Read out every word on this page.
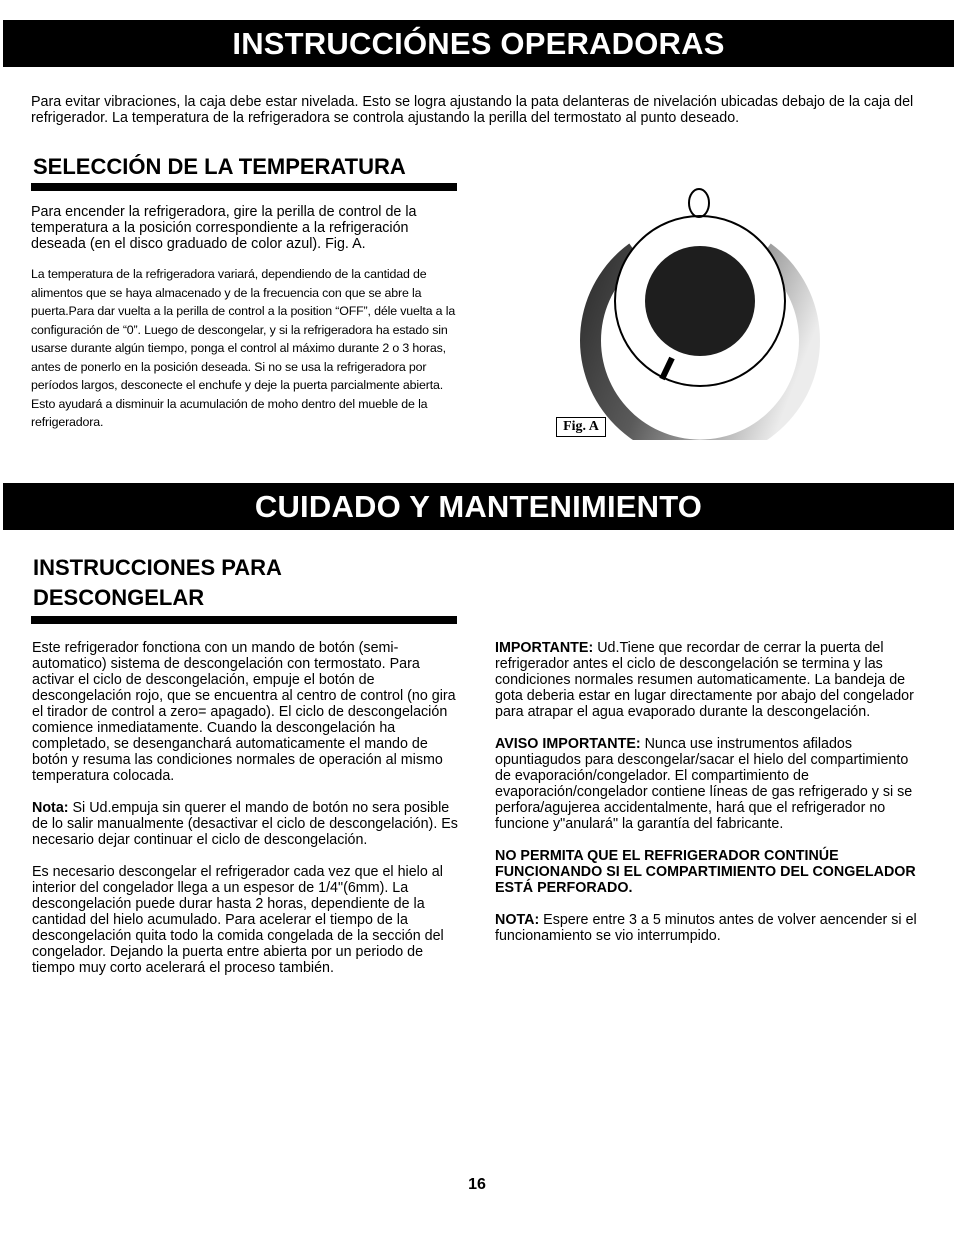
INSTRUCCIÓNES OPERADORAS
Para evitar vibraciones, la caja debe estar nivelada. Esto se logra ajustando la pata delanteras de nivelación ubicadas debajo de la caja del refrigerador. La temperatura de la refrigeradora se controla ajustando la perilla del termostato al punto deseado.
SELECCIÓN DE LA TEMPERATURA
Para encender la refrigeradora, gire la perilla de control de la temperatura a la posición correspondiente a la refrigeración deseada (en el disco graduado de color azul). Fig. A.
La temperatura de la refrigeradora variará, dependiendo de la cantidad de alimentos que se haya almacenado y de la frecuencia con que se abre la puerta.Para dar vuelta a la perilla de control a la position “OFF”, déle vuelta a la configuración de “0”. Luego de descongelar, y si la refrigeradora ha estado sin usarse durante algún tiempo, ponga el control al máximo durante 2 o 3 horas, antes de ponerlo en la posición deseada. Si no se usa la refrigeradora por períodos largos, desconecte el enchufe y deje la puerta parcialmente abierta. Esto ayudará a disminuir la acumulación de moho dentro del mueble de la refrigeradora.	Fig. A
CUIDADO Y MANTENIMIENTO
INSTRUCCIONES PARA
DESCONGELAR

Este refrigerador fonctiona con un mando de botón (semi-automatico) sistema de descongelación con termostato. Para activar el ciclo de descongelación, empuje el botón de descongelación rojo, que se encuentra al centro de control (no gira el tirador de control a zero= apagado). El ciclo de descongelación comience inmediatamente. Cuando la descongelación ha completado, se desenganchará automaticamente el mando de botón y resuma las condiciones normales de operación al mismo temperatura colocada.

Nota: Si Ud.empuja sin querer el mando de botón no sera posible de lo salir manualmente (desactivar el ciclo de descongelación). Es necesario dejar continuar el ciclo de descongelación.

Es necesario descongelar el refrigerador cada vez que el hielo al interior del congelador llega a un espesor de 1/4"(6mm). La descongelación puede durar hasta 2 horas, dependiente de la cantidad del hielo acumulado. Para acelerar el tiempo de la descongelación quita todo la comida congelada de la sección del congelador. Dejando la puerta entre abierta por un periodo de tiempo muy corto acelerará el proceso también.

IMPORTANTE: Ud.Tiene que recordar de cerrar la puerta del refrigerador antes el ciclo de descongelación se termina y las condiciones normales resumen automaticamente. La bandeja de gota deberia estar en lugar directamente por abajo del congelador para atrapar el agua evaporado durante la descongelación.

AVISO IMPORTANTE: Nunca use instrumentos afilados opuntiagudos para descongelar/sacar el hielo del compartimiento de evaporación/congelador. El compartimiento de evaporación/congelador contiene líneas de gas refrigerado y si se perfora/agujerea accidentalmente, hará que el refrigerador no funcione y"anulará" la garantía del fabricante.

NO PERMITA QUE EL REFRIGERADOR CONTINÚE FUNCIONANDO SI EL COMPARTIMIENTO DEL CONGELADOR ESTÁ PERFORADO.

NOTA: Espere entre 3 a 5 minutos antes de volver aencender si el funcionamiento se vio interrumpido.

16
